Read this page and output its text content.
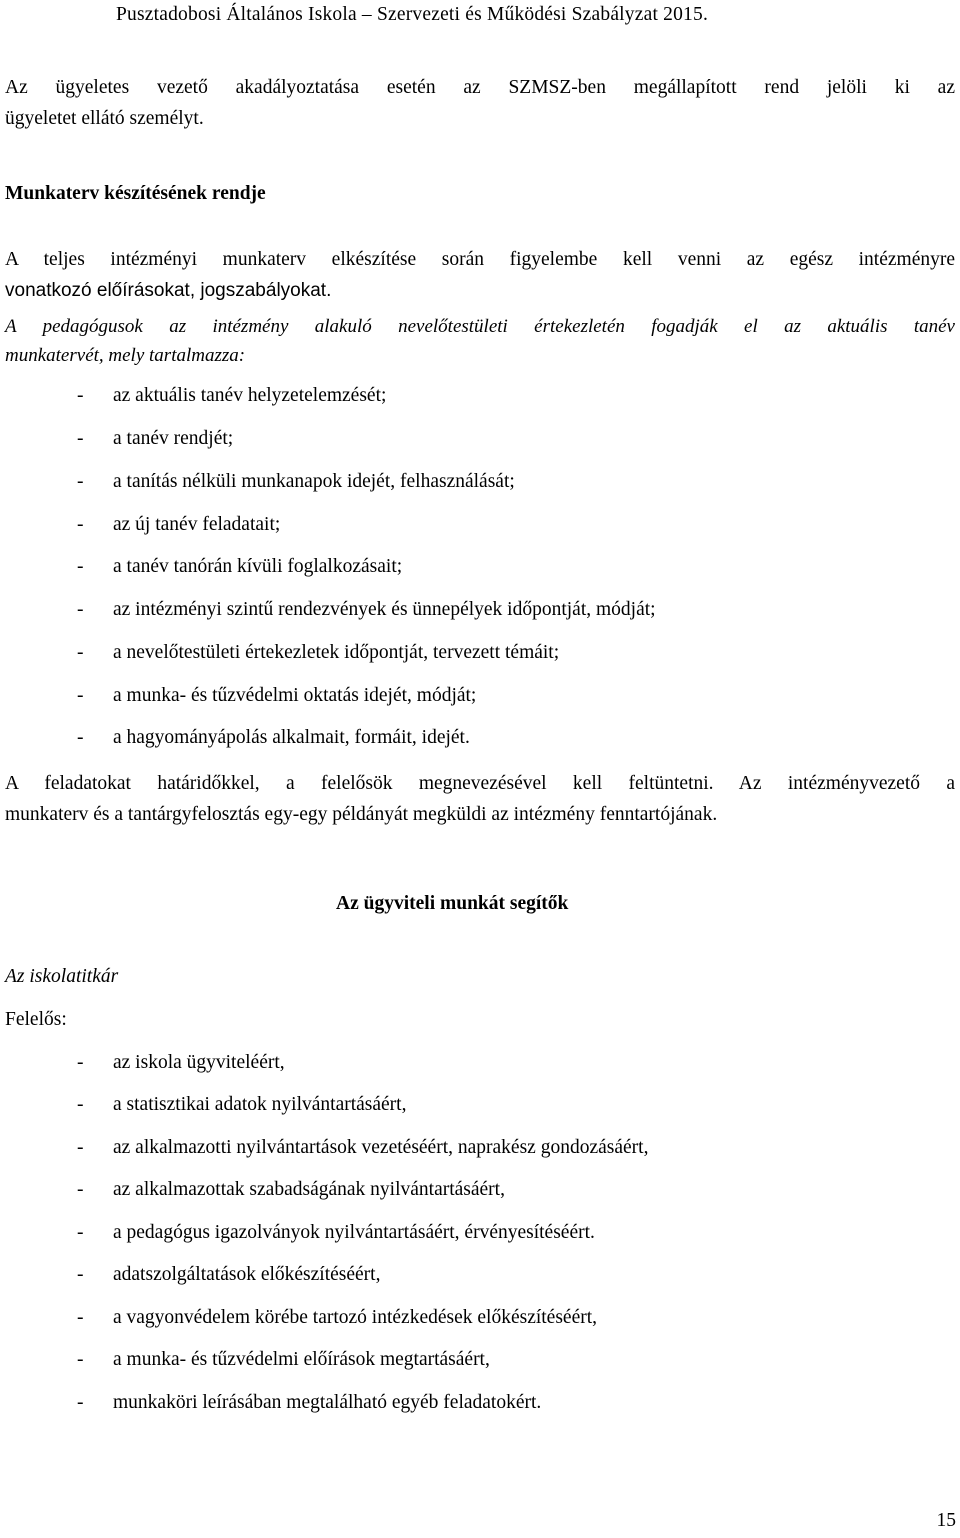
Pusztadobosi Általános Iskola – Szervezeti és Működési Szabályzat 2015.
Az ügyeletes vezető akadályoztatása esetén az SZMSZ-ben megállapított rend jelöli ki az
ügyeletet ellátó személyt.
Munkaterv készítésének rendje
A teljes intézményi munkaterv elkészítése során figyelembe kell venni az egész intézményre
vonatkozó előírásokat, jogszabályokat.
A pedagógusok az intézmény alakuló nevelőtestületi értekezletén fogadják el az aktuális tanév
munkatervét, mely tartalmazza:
- az aktuális tanév helyzetelemzését;
- a tanév rendjét;
- a tanítás nélküli munkanapok idejét, felhasználását;
- az új tanév feladatait;
- a tanév tanórán kívüli foglalkozásait;
- az intézményi szintű rendezvények és ünnepélyek időpontját, módját;
- a nevelőtestületi értekezletek időpontját, tervezett témáit;
- a munka- és tűzvédelmi oktatás idejét, módját;
- a hagyományápolás alkalmait, formáit, idejét.
A feladatokat határidőkkel, a felelősök megnevezésével kell feltüntetni. Az intézményvezető a
munkaterv és a tantárgyfelosztás egy-egy példányát megküldi az intézmény fenntartójának.
Az ügyviteli munkát segítők
Az iskolatitkár
Felelős:
- az iskola ügyviteléért,
- a statisztikai adatok nyilvántartásáért,
- az alkalmazotti nyilvántartások vezetéséért, naprakész gondozásáért,
- az alkalmazottak szabadságának nyilvántartásáért,
- a pedagógus igazolványok nyilvántartásáért, érvényesítéséért.
- adatszolgáltatások előkészítéséért,
- a vagyonvédelem körébe tartozó intézkedések előkészítéséért,
- a munka- és tűzvédelmi előírások megtartásáért,
- munkaköri leírásában megtalálható egyéb feladatokért.
15
